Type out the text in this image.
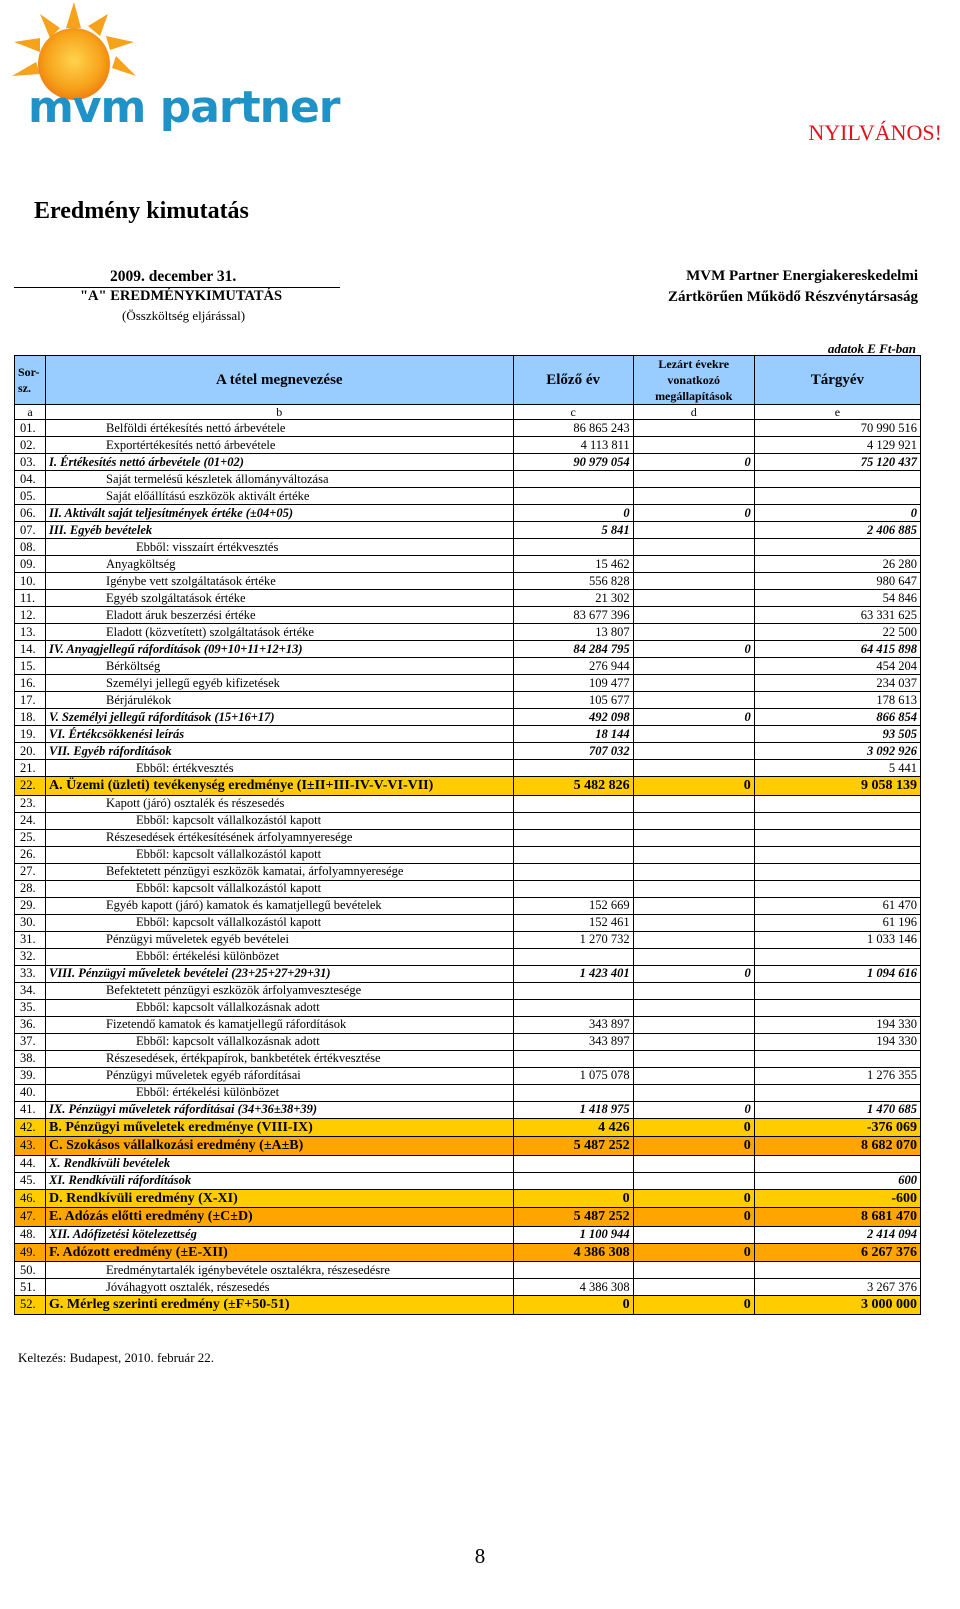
mvm partner	NYILVÁNOS!
Eredmény kimutatás
2009. december 31.
"A" EREDMÉNYKIMUTATÁS
(Összköltség eljárással)
MVM Partner Energiakereskedelmi
Zártkörűen Működő Részvénytársaság
adatok E Ft-ban
Sor-sz.	A tétel megnevezése	Előző év	Lezárt évekre vonatkozó megállapítások	Tárgyév
a	b	c	d	e
01.	Belföldi értékesítés nettó árbevétele	86 865 243		70 990 516
02.	Exportértékesítés nettó árbevétele	4 113 811		4 129 921
03.	I. Értékesítés nettó árbevétele (01+02)	90 979 054	0	75 120 437
04.	Saját termelésű készletek állományváltozása			
05.	Saját előállítású eszközök aktivált értéke			
06.	II. Aktivált saját teljesítmények értéke (±04+05)	0	0	0
07.	III. Egyéb bevételek	5 841		2 406 885
08.	Ebből: visszaírt értékvesztés			
09.	Anyagköltség	15 462		26 280
10.	Igénybe vett szolgáltatások értéke	556 828		980 647
11.	Egyéb szolgáltatások értéke	21 302		54 846
12.	Eladott áruk beszerzési értéke	83 677 396		63 331 625
13.	Eladott (közvetített) szolgáltatások értéke	13 807		22 500
14.	IV. Anyagjellegű ráfordítások (09+10+11+12+13)	84 284 795	0	64 415 898
15.	Bérköltség	276 944		454 204
16.	Személyi jellegű egyéb kifizetések	109 477		234 037
17.	Bérjárulékok	105 677		178 613
18.	V. Személyi jellegű ráfordítások (15+16+17)	492 098	0	866 854
19.	VI. Értékcsökkenési leírás	18 144		93 505
20.	VII. Egyéb ráfordítások	707 032		3 092 926
21.	Ebből: értékvesztés			5 441
22.	A. Üzemi (üzleti) tevékenység eredménye (I±II+III-IV-V-VI-VII)	5 482 826	0	9 058 139
23.	Kapott (járó) osztalék és részesedés			
24.	Ebből: kapcsolt vállalkozástól kapott			
25.	Részesedések értékesítésének árfolyamnyeresége			
26.	Ebből: kapcsolt vállalkozástól kapott			
27.	Befektetett pénzügyi eszközök kamatai, árfolyamnyeresége			
28.	Ebből: kapcsolt vállalkozástól kapott			
29.	Egyéb kapott (járó) kamatok és kamatjellegű bevételek	152 669		61 470
30.	Ebből: kapcsolt vállalkozástól kapott	152 461		61 196
31.	Pénzügyi műveletek egyéb bevételei	1 270 732		1 033 146
32.	Ebből: értékelési különbözet			
33.	VIII. Pénzügyi műveletek bevételei (23+25+27+29+31)	1 423 401	0	1 094 616
34.	Befektetett pénzügyi eszközök árfolyamvesztesége			
35.	Ebből: kapcsolt vállalkozásnak adott			
36.	Fizetendő kamatok és kamatjellegű ráfordítások	343 897		194 330
37.	Ebből: kapcsolt vállalkozásnak adott	343 897		194 330
38.	Részesedések, értékpapírok, bankbetétek értékvesztése			
39.	Pénzügyi műveletek egyéb ráfordításai	1 075 078		1 276 355
40.	Ebből: értékelési különbözet			
41.	IX. Pénzügyi műveletek ráfordításai (34+36±38+39)	1 418 975	0	1 470 685
42.	B. Pénzügyi műveletek eredménye (VIII-IX)	4 426	0	-376 069
43.	C. Szokásos vállalkozási eredmény (±A±B)	5 487 252	0	8 682 070
44.	X. Rendkívüli bevételek			
45.	XI. Rendkívüli ráfordítások			600
46.	D. Rendkívüli eredmény (X-XI)	0	0	-600
47.	E. Adózás előtti eredmény (±C±D)	5 487 252	0	8 681 470
48.	XII. Adófizetési kötelezettség	1 100 944		2 414 094
49.	F. Adózott eredmény (±E-XII)	4 386 308	0	6 267 376
50.	Eredménytartalék igénybevétele osztalékra, részesedésre			
51.	Jóváhagyott osztalék, részesedés	4 386 308		3 267 376
52.	G. Mérleg szerinti eredmény (±F+50-51)	0	0	3 000 000
Keltezés: Budapest, 2010. február 22.
8
